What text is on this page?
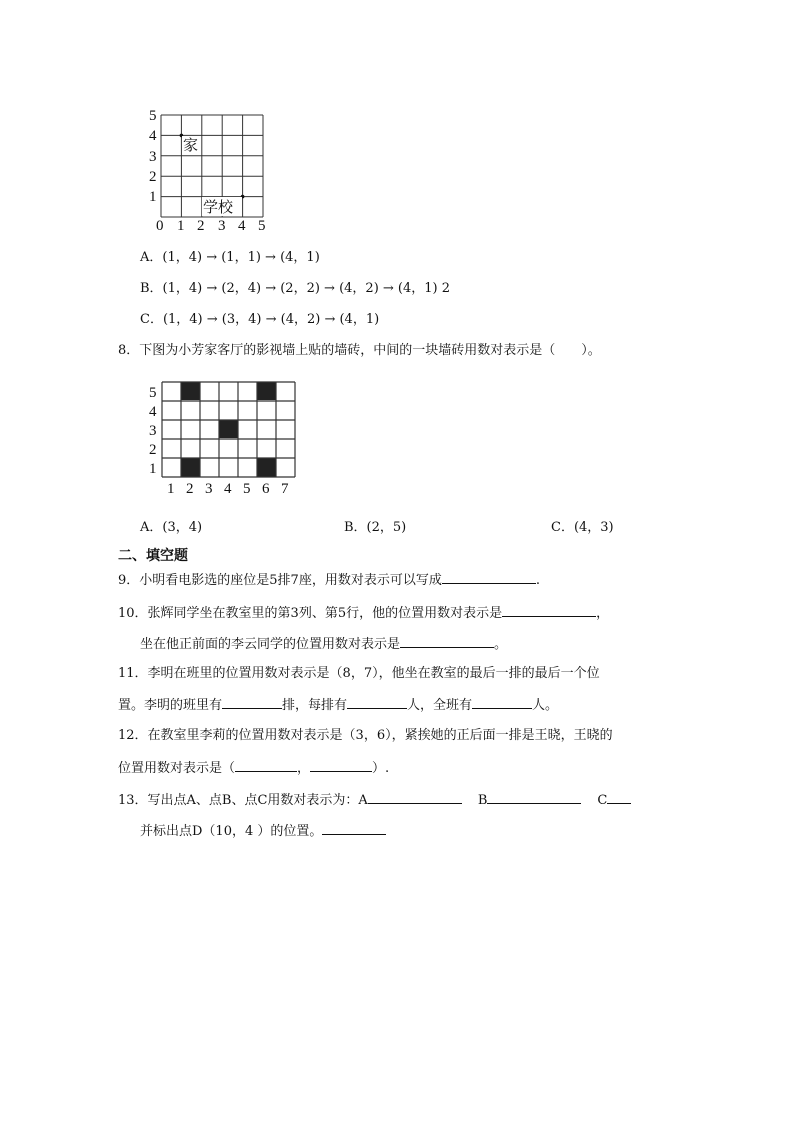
5
4
3
2
1
0 1 2 3 4 5
家
学校
A．(1，4) → (1，1) → (4，1)
B．(1，4) → (2，4) → (2，2) → (4，2) → (4，1) 2
C．(1，4) → (3，4) → (4，2) → (4，1)
8．下图为小芳家客厅的影视墙上贴的墙砖，中间的一块墙砖用数对表示是（　　）。
5
4
3
2
1
1 2 3 4 5 6 7
A．(3，4)	B．(2，5)	C．(4，3)
二、填空题
9．小明看电影选的座位是5排7座，用数对表示可以写成	.
10．张辉同学坐在教室里的第3列、第5行，他的位置用数对表示是	，
坐在他正前面的李云同学的位置用数对表示是	。
11．李明在班里的位置用数对表示是（8，7），他坐在教室的最后一排的最后一个位
置。李明的班里有	排，每排有	人，全班有	人。
12．在教室里李莉的位置用数对表示是（3，6），紧挨她的正后面一排是王晓，王晓的
位置用数对表示是（	，	）.
13．写出点A、点B、点C用数对表示为：A	B	C
并标出点D（10，4 ）的位置。
